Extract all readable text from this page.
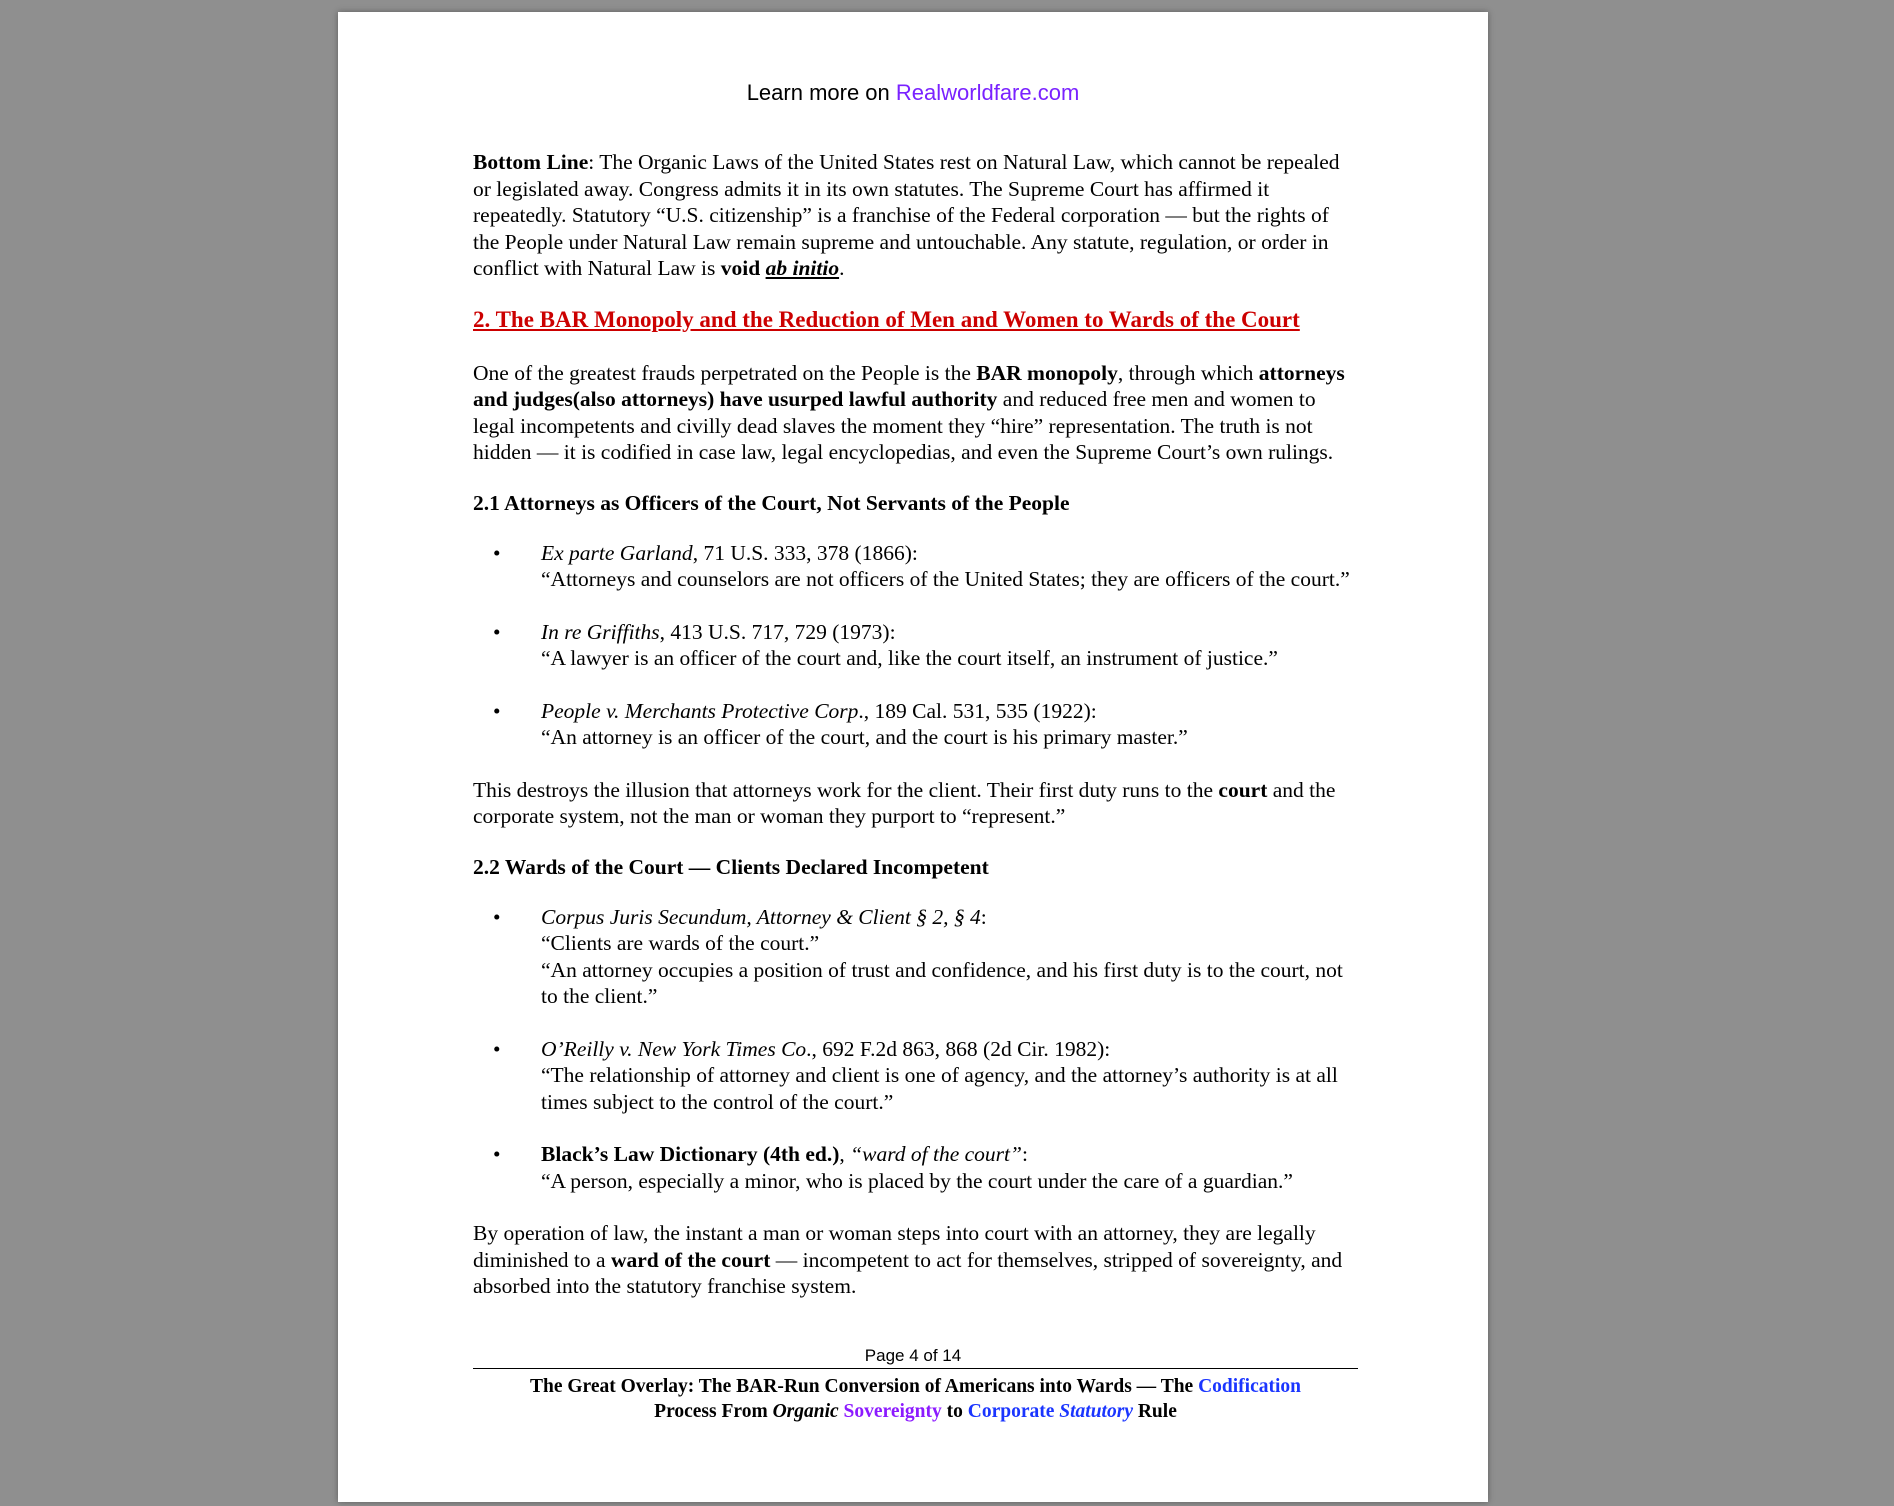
Learn more on Realworldfare.com

Bottom Line: The Organic Laws of the United States rest on Natural Law, which cannot be repealed or legislated away. Congress admits it in its own statutes. The Supreme Court has affirmed it repeatedly. Statutory “U.S. citizenship” is a franchise of the Federal corporation — but the rights of the People under Natural Law remain supreme and untouchable. Any statute, regulation, or order in conflict with Natural Law is void ab initio.

2. The BAR Monopoly and the Reduction of Men and Women to Wards of the Court

One of the greatest frauds perpetrated on the People is the BAR monopoly, through which attorneys and judges(also attorneys) have usurped lawful authority and reduced free men and women to legal incompetents and civilly dead slaves the moment they “hire” representation. The truth is not hidden — it is codified in case law, legal encyclopedias, and even the Supreme Court’s own rulings.

2.1 Attorneys as Officers of the Court, Not Servants of the People
• Ex parte Garland, 71 U.S. 333, 378 (1866):
“Attorneys and counselors are not officers of the United States; they are officers of the court.”
• In re Griffiths, 413 U.S. 717, 729 (1973):
“A lawyer is an officer of the court and, like the court itself, an instrument of justice.”
• People v. Merchants Protective Corp., 189 Cal. 531, 535 (1922):
“An attorney is an officer of the court, and the court is his primary master.”

This destroys the illusion that attorneys work for the client. Their first duty runs to the court and the corporate system, not the man or woman they purport to “represent.”

2.2 Wards of the Court — Clients Declared Incompetent
• Corpus Juris Secundum, Attorney & Client § 2, § 4:
“Clients are wards of the court.”
“An attorney occupies a position of trust and confidence, and his first duty is to the court, not to the client.”
• O’Reilly v. New York Times Co., 692 F.2d 863, 868 (2d Cir. 1982):
“The relationship of attorney and client is one of agency, and the attorney’s authority is at all times subject to the control of the court.”
• Black’s Law Dictionary (4th ed.), “ward of the court”:
“A person, especially a minor, who is placed by the court under the care of a guardian.”

By operation of law, the instant a man or woman steps into court with an attorney, they are legally diminished to a ward of the court — incompetent to act for themselves, stripped of sovereignty, and absorbed into the statutory franchise system.

Page 4 of 14
The Great Overlay: The BAR-Run Conversion of Americans into Wards — The Codification
Process From Organic Sovereignty to Corporate Statutory Rule
